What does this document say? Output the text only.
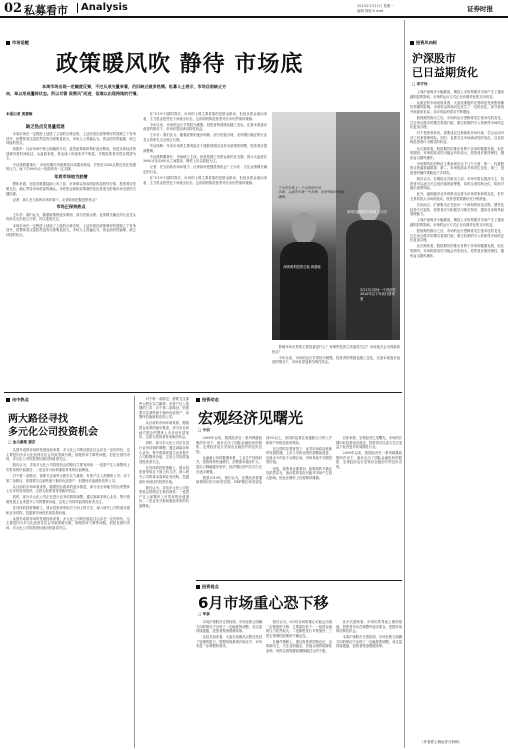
02 私募看市 Analysis	2010年1月11日 星期一
编辑 制版 E-mail	证券时报
市场话题
政策暖风吹 静待 市场底
本周市场出现一定幅度反弹，不过从成交量来看，仍旧缺乏做多热情。私募人士表示，市场目前缺乏方
向，单以形成僵持状态。所以尽管 政策风"而进，但难以出现持续的行情。
本报记者 黄蔷敏
缺乏热点交易量低迷

本周市场在一定程度上延续了上周的反弹态势，上证综指在政策利好的预期之下有所回升，但整体成交量依然没有出现明显放大，市场人士普遍认为，资金面仍然偏紧，缺乏持续的热点。

刘胜军：目前市场中缺乏明确的方向，虽然政策面的利好逐步释放，但是实体经济的回暖仍需时间验证。从盘面来看，资金流入的迹象并不明显，多数投资者仍然以观望为主。

中证鸿利董事长：市场短期内仍将维持区间震荡格局，沪指在3100点附近存在较强的压力，而下方3000点一线则具有一定支撑。

年底市场较为胶着

整体来看，在经济数据陆续公布之前，市场难以形成明显的趋势性行情，投资者应控制仓位，耐心等待市场底部的确认。年底资金面和政策面的变化将成为影响市场走势的关键因素。

记者：那么在当前的市场环境下，应该如何把握投资机会？

市场正保持热点

王尔东：我们认为，随着政策的逐步明朗，部分估值合理、业绩增长确定的行业龙头将率先走出独立行情，可以逢低关注。

本周市场在一定程度上延续了上周的反弹态势，上证综指在政策利好的预期之下有所回升，但整体成交量依然没有出现明显放大，市场人士普遍认为，资金面仍然偏紧，缺乏持续的热点。

在"5·19"行情的背后，市场的上涨主要依靠的是资金推动，但是从资金流向来看，主力资金依然处于净流出状态，这说明机构投资者对后市仍然保持谨慎。

今年以来，市场的运行节奏较为缓慢，投资者的情绪也随之变化。在基本面逐步改善的情况下，市场有望迎来结构性机会。

王尔东：我们认为，随着政策的逐步明朗，部分估值合理、业绩增长确定的行业龙头将率先走出独立行情。

中证鸿利：年内市场的主要风险在于通胀预期以及货币政策的调整，投资者应提高警惕。

中证鸿利董事长：市场缺乏主线，但是短期之内资金面仍有支撑，预计大盘将在3000点至3300点之间震荡，操作上应以波段为主。

记者：在当前的市场环境下，应该如何把握投资机会？王尔东：关注业绩增长确定的行业。

在"5·19"行情的背后，市场的上涨主要依靠的是资金推动，但是从资金流向来看，主力资金依然处于净流出状态，这说明机构投资者对后市仍然保持谨慎。

下半年总体上一个无利好行情
市场，大盘在年底一些反弹，但是整体仍然要谨慎。
深圳鸿利投资总裁 黄蔷敏
3月13日市场一个底部在2010年以下年底行情来看
深圳创赢投资总经理 王尔东

影响市场走势的主要因素是什么？有哪些投资主线值得关注？市场是否会出现新的热点？

今年以来，市场的运行节奏较为缓慢，投资者的情绪也随之变化。在基本面逐步改善的情况下，市场有望迎来结构性机会。

投资风向标
沪深股市
已日益期货化
□ 李宇伟

上周沪深两市小幅震荡，期指上市的预期对市场产生了越来越明显的影响，市场的运行方式正在向期货化的方向转变。

从最近的市场表现来看，大盘权重股的走势明显受到股指期货预期的影响，市场资金的流向也发生了一定的变化。部分机构开始提前布局，对冲风险的需求不断增加。

股指期货推出之后，市场的运行逻辑将发生根本性的变化。过去单边做多的模式将被打破，做空机制的引入将使得市场的定价更加合理。

对于投资者来说，需要适应这种新的市场环境，学会运用对冲工具来管理风险。同时，也要关注市场流动性的变化，以及机构投资者行为模式的转变。

从长期来看，股指期货的推出有利于市场的健康发展，但在短期内，市场的波动性可能会有所加大。投资者应保持理性，避免盲目跟风操作。

市场期货化的特征主要表现在以下几个方面：第一，权重股的走势越来越重要；第二，市场的波动节奏发生变化；第三，投资者的操作策略趋于多样化。

我们认为，在期指正式推出之前，市场仍将以震荡为主，投资者可以适当关注低估值的蓝筹股，同时注意控制仓位，防范可能出现的风险。

此外，融资融券业务的推出也将为市场带来新的变化，杠杆交易将放大市场的波动，投资者需要做好充分的准备。

总体而言，沪深股市正在经历一个深刻的转变过程，期货化趋势不可逆转，投资者应当积极学习相关知识，提高自身的风险管理能力。

上周沪深两市小幅震荡，期指上市的预期对市场产生了越来越明显的影响，市场的运行方式正在向期货化的方向转变。

股指期货推出之后，市场的运行逻辑将发生根本性的变化。过去单边做多的模式将被打破，做空机制的引入将使得市场的定价更加合理。

从长期来看，股指期货的推出有利于市场的健康发展，但在短期内，市场的波动性可能会有所加大。投资者应保持理性，避免盲目跟风操作。

（作者系上海证券分析师）
击中热点
两大路径寻找
多元化公司投资机会
□ 金元惠理 谢京

从国外成熟市场的发展经验来看，多元化公司的估值往往会存在一定的折价，这主要是因为多元化经营往往会导致资源分散，管理效率下降等问题。但是在国内市场，多元化公司的投资价值同样值得关注。

我们认为，寻找多元化公司投资机会的路径主要有两条：一是资产注入和整体上市带来的价值重估；二是业务分拆和重组带来的价值释放。

对于第一条路径，需要关注那些大股东实力雄厚、有资产注入预期的公司；对于第二条路径，则需要关注那些旗下拥有优质资产、但整体估值被低估的公司。

从目前的市场环境来看，随着国企改革的逐步推进，部分央企和地方国企的整体上市步伐有望加快，这将为投资者带来新的机会。

同时，部分多元化公司正在进行业务结构的调整，通过剥离非核心业务、集中资源发展主业来提升公司的整体价值，这类公司同样值得投资者关注。

在具体的投资策略上，建议投资者采取自下而上的方法，深入研究公司的基本面和业务结构，挖掘被市场低估的投资价值。

从国外成熟市场的发展经验来看，多元化公司的估值往往会存在一定的折价，这主要是因为多元化经营往往会导致资源分散，管理效率下降等问题。但是在国内市场，多元化公司的投资价值同样值得关注。

对于第一条路径，需要关注那些大股东实力雄厚、有资产注入预期的公司；对于第二条路径，则需要关注那些旗下拥有优质资产、但整体估值被低估的公司。

从目前的市场环境来看，随着国企改革的逐步推进，部分央企和地方国企的整体上市步伐有望加快，这将为投资者带来新的机会。

同时，部分多元化公司正在进行业务结构的调整，通过剥离非核心业务、集中资源发展主业来提升公司的整体价值，这类公司同样值得投资者关注。

在具体的投资策略上，建议投资者采取自下而上的方法，深入研究公司的基本面和业务结构，挖掘被市场低估的投资价值。

我们认为，寻找多元化公司投资机会的路径主要有两条：一是资产注入和整体上市带来的价值重估；二是业务分拆和重组带来的价值释放。

投资动态
宏观经济见曙光
□ 中信

2009年以来，我国经济在一系列刺激政策的作用下，逐步走出了国际金融危机的阴影，宏观经济运行呈现出企稳回升的良好态势。

从最新公布的数据来看，工业生产持续回升，投资保持快速增长，消费需求稳步扩大，进出口降幅逐步收窄，经济增长的内生动力正在逐步增强。

展望2010年，我们认为，宏观经济将继续保持回升向好的态势，GDP增长率有望达到9%以上，但同时也要注意通胀压力的上升和资产价格泡沫的风险。

在这样的宏观背景下，证券市场将迎来新的发展机遇。上市公司的业绩有望继续改善，估值水平仍处于合理区间，市场具备中长期投资价值。

但是，投资者也要看到，政策面的不确定性依然存在，流动性的变化可能对市场产生较大影响，因此在操作上仍需保持谨慎。

总体来看，宏观经济已见曙光，市场的长期向好趋势没有改变，投资者可以适当关注受益于经济复苏的周期性行业。

2009年以来，我国经济在一系列刺激政策的作用下，逐步走出了国际金融危机的阴影，宏观经济运行呈现出企稳回升的良好态势。

投资视点
6月市场重心恐下移
□ 华泰

本周沪深股市走势较弱，市场在缺乏明确方向的情况下出现了一定幅度的调整，成交量持续萎缩，投资者观望情绪浓厚。

从技术面来看，大盘在前期高点附近受到了较强的阻力，短期均线系统开始走平，市场有进一步调整的要求。

我们认为，6月份市场的重心可能会出现一定程度的下移，主要原因在于：一是资金面的压力依然较大；二是新股发行节奏加快；三是宏观调控政策的不确定性。

在操作策略上，建议投资者控制仓位，以防御为主，关注业绩稳定、估值合理的防御性品种，同时注意规避前期涨幅过大的个股。

从中长期来看，市场仍然具备上涨的基础，投资者可以在调整中逐步建仓，把握市场的结构性机会。

本周沪深股市走势较弱，市场在缺乏明确方向的情况下出现了一定幅度的调整，成交量持续萎缩，投资者观望情绪浓厚。
